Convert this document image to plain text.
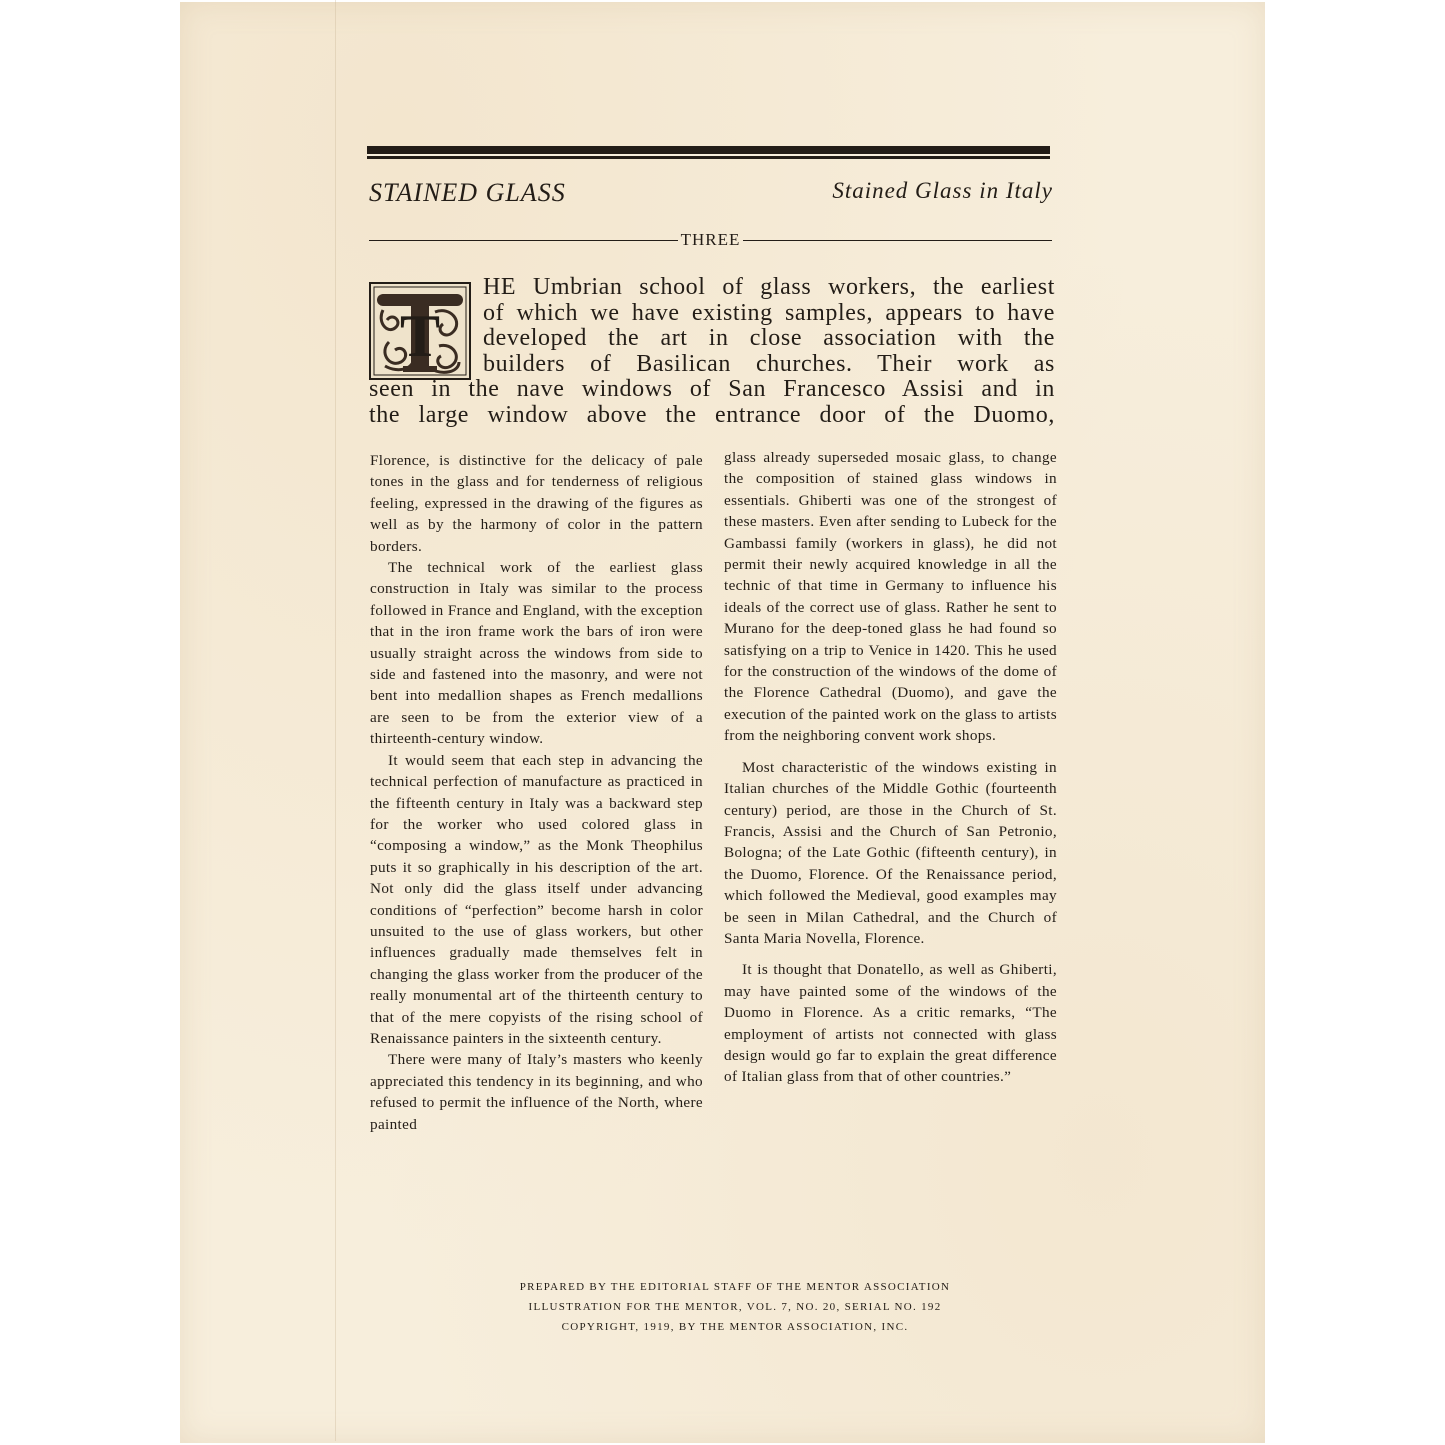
STAINED GLASS	Stained Glass in Italy
THREE
T
HE Umbrian school of glass workers, the earliest
of which we have existing samples, appears to have
developed the art in close association with the
builders of Basilican churches. Their work as
seen in the nave windows of San Francesco Assisi and in
the large window above the entrance door of the Duomo,

Florence, is distinctive for the delicacy of pale tones in the glass and for tenderness of religious feeling, expressed in the drawing of the figures as well as by the harmony of color in the pattern borders.

The technical work of the earliest glass construction in Italy was similar to the process followed in France and England, with the exception that in the iron frame work the bars of iron were usually straight across the windows from side to side and fastened into the masonry, and were not bent into medallion shapes as French medallions are seen to be from the exterior view of a thirteenth-century window.

It would seem that each step in advancing the technical perfection of manufacture as practiced in the fifteenth century in Italy was a backward step for the worker who used colored glass in “composing a window,” as the Monk Theophilus puts it so graphically in his description of the art. Not only did the glass itself under advancing conditions of “perfection” become harsh in color unsuited to the use of glass workers, but other influences gradually made themselves felt in changing the glass worker from the producer of the really monumental art of the thirteenth century to that of the mere copyists of the rising school of Renaissance painters in the sixteenth century.

There were many of Italy’s masters who keenly appreciated this tendency in its beginning, and who refused to permit the influence of the North, where painted

glass already superseded mosaic glass, to change the composition of stained glass windows in essentials. Ghiberti was one of the strongest of these masters. Even after sending to Lubeck for the Gambassi family (workers in glass), he did not permit their newly acquired knowledge in all the technic of that time in Germany to influence his ideals of the correct use of glass. Rather he sent to Murano for the deep-toned glass he had found so satisfying on a trip to Venice in 1420. This he used for the construction of the windows of the dome of the Florence Cathedral (Duomo), and gave the execution of the painted work on the glass to artists from the neighboring convent work shops.

Most characteristic of the windows existing in Italian churches of the Middle Gothic (fourteenth century) period, are those in the Church of St. Francis, Assisi and the Church of San Petronio, Bologna; of the Late Gothic (fifteenth century), in the Duomo, Florence. Of the Renaissance period, which followed the Medieval, good examples may be seen in Milan Cathedral, and the Church of Santa Maria Novella, Florence.

It is thought that Donatello, as well as Ghiberti, may have painted some of the windows of the Duomo in Florence. As a critic remarks, “The employment of artists not connected with glass design would go far to explain the great difference of Italian glass from that of other countries.”

PREPARED BY THE EDITORIAL STAFF OF THE MENTOR ASSOCIATION
ILLUSTRATION FOR THE MENTOR, VOL. 7, NO. 20, SERIAL NO. 192
COPYRIGHT, 1919, BY THE MENTOR ASSOCIATION, INC.
